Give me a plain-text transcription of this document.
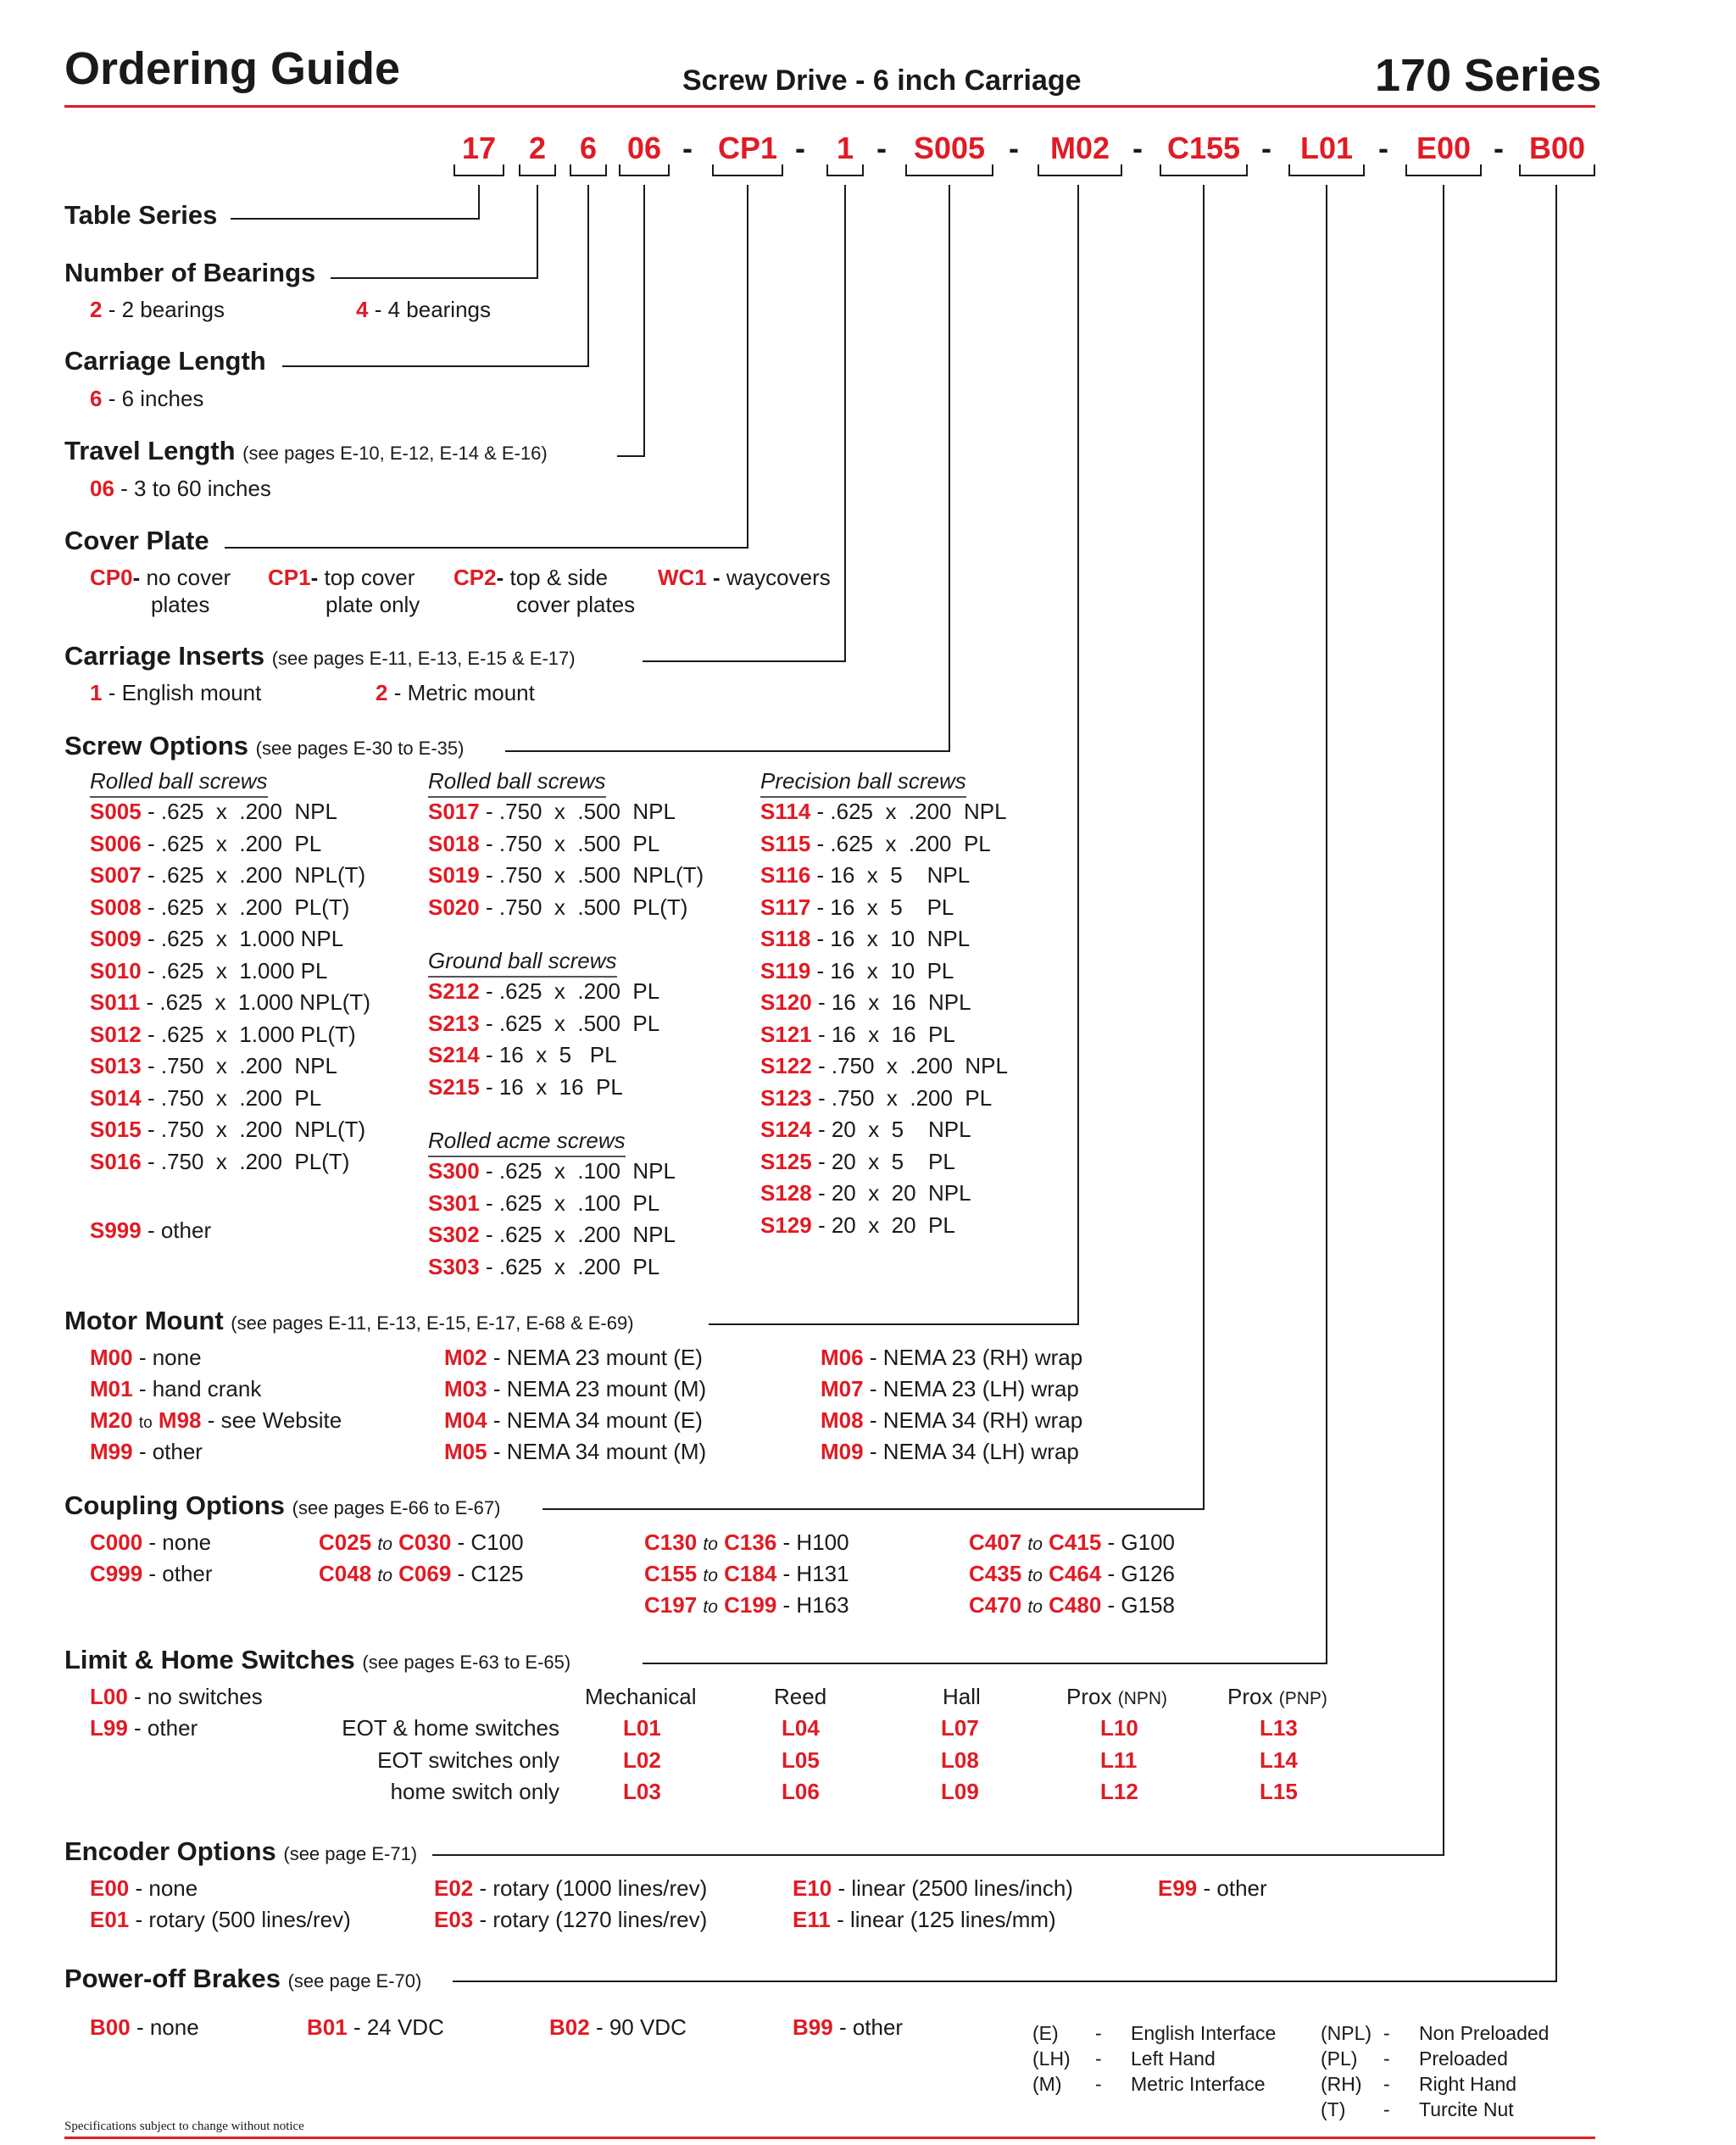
Ordering Guide	Screw Drive - 6 inch Carriage	170 Series
17	2	6 06 - CP1 -	1 - S005 -	M02 - C155 - L01 - E00 - B00
Table Series
Number of Bearings
2 - 2 bearings	4 - 4 bearings
Carriage Length
6 - 6 inches
Travel Length (see pages E-10, E-12, E-14 & E-16)
06 - 3 to 60 inches
Cover Plate
CP0- no cover
plates
CP1- top cover
plate only
CP2- top & side
cover plates
WC1 - waycovers
Carriage Inserts (see pages E-11, E-13, E-15 & E-17)
1 - English mount	2 - Metric mount
Screw Options (see pages E-30 to E-35)
Rolled ball screws	Rolled ball screws	Precision ball screws
Ground ball screws
Rolled acme screws
S005 - .625  x  .200  NPL
S006 - .625  x  .200  PL
S007 - .625  x  .200  NPL(T)
S008 - .625  x  .200  PL(T)
S009 - .625  x  1.000 NPL
S010 - .625  x  1.000 PL
S011 - .625  x  1.000 NPL(T)
S012 - .625  x  1.000 PL(T)
S013 - .750  x  .200  NPL
S014 - .750  x  .200  PL
S015 - .750  x  .200  NPL(T)
S016 - .750  x  .200  PL(T)
S017 - .750  x  .500  NPL
S018 - .750  x  .500  PL
S019 - .750  x  .500  NPL(T)
S020 - .750  x  .500  PL(T)
S212 - .625  x  .200  PL
S213 - .625  x  .500  PL
S214 - 16  x  5   PL
S215 - 16  x  16  PL
S300 - .625  x  .100  NPL
S301 - .625  x  .100  PL
S302 - .625  x  .200  NPL
S303 - .625  x  .200  PL
S114 - .625  x  .200  NPL
S115 - .625  x  .200  PL
S116 - 16  x  5    NPL
S117 - 16  x  5    PL
S118 - 16  x  10  NPL
S119 - 16  x  10  PL
S120 - 16  x  16  NPL
S121 - 16  x  16  PL
S122 - .750  x  .200  NPL
S123 - .750  x  .200  PL
S124 - 20  x  5    NPL
S125 - 20  x  5    PL
S128 - 20  x  20  NPL
S129 - 20  x  20  PL
S999 - other
Motor Mount (see pages E-11, E-13, E-15, E-17, E-68 & E-69)
M00 - none
M01 - hand crank
M20 to M98 - see Website
M99 - other
M02 - NEMA 23 mount (E)
M03 - NEMA 23 mount (M)
M04 - NEMA 34 mount (E)
M05 - NEMA 34 mount (M)
M06 - NEMA 23 (RH) wrap
M07 - NEMA 23 (LH) wrap
M08 - NEMA 34 (RH) wrap
M09 - NEMA 34 (LH) wrap
Coupling Options (see pages E-66 to E-67)
C000 - none
C999 - other
C025 to C030 - C100
C048 to C069 - C125
C130 to C136 - H100
C155 to C184 - H131
C197 to C199 - H163
C407 to C415 - G100
C435 to C464 - G126
C470 to C480 - G158
Limit & Home Switches (see pages E-63 to E-65)
L00 - no switches
L99 - other
Mechanical	Reed	Hall	Prox (NPN)	Prox (PNP)
EOT & home switches	L01	L04	L07	L10	L13
EOT switches only	L02	L05	L08	L11	L14
home switch only	L03	L06	L09	L12	L15
Encoder Options (see page E-71)
E00 - none
E01 - rotary (500 lines/rev)
E02 - rotary (1000 lines/rev)
E03 - rotary (1270 lines/rev)
E10 - linear (2500 lines/inch)
E11 - linear (125 lines/mm)
E99 - other
Power-off Brakes (see page E-70)
B00 - none	B01 - 24 VDC	B02 - 90 VDC	B99 - other	(E) - English Interface
(LH) - Left Hand
(M) - Metric Interface
(NPL) - Non Preloaded
(PL) - Preloaded
(RH) - Right Hand
(T) - Turcite Nut
Specifications subject to change without notice
